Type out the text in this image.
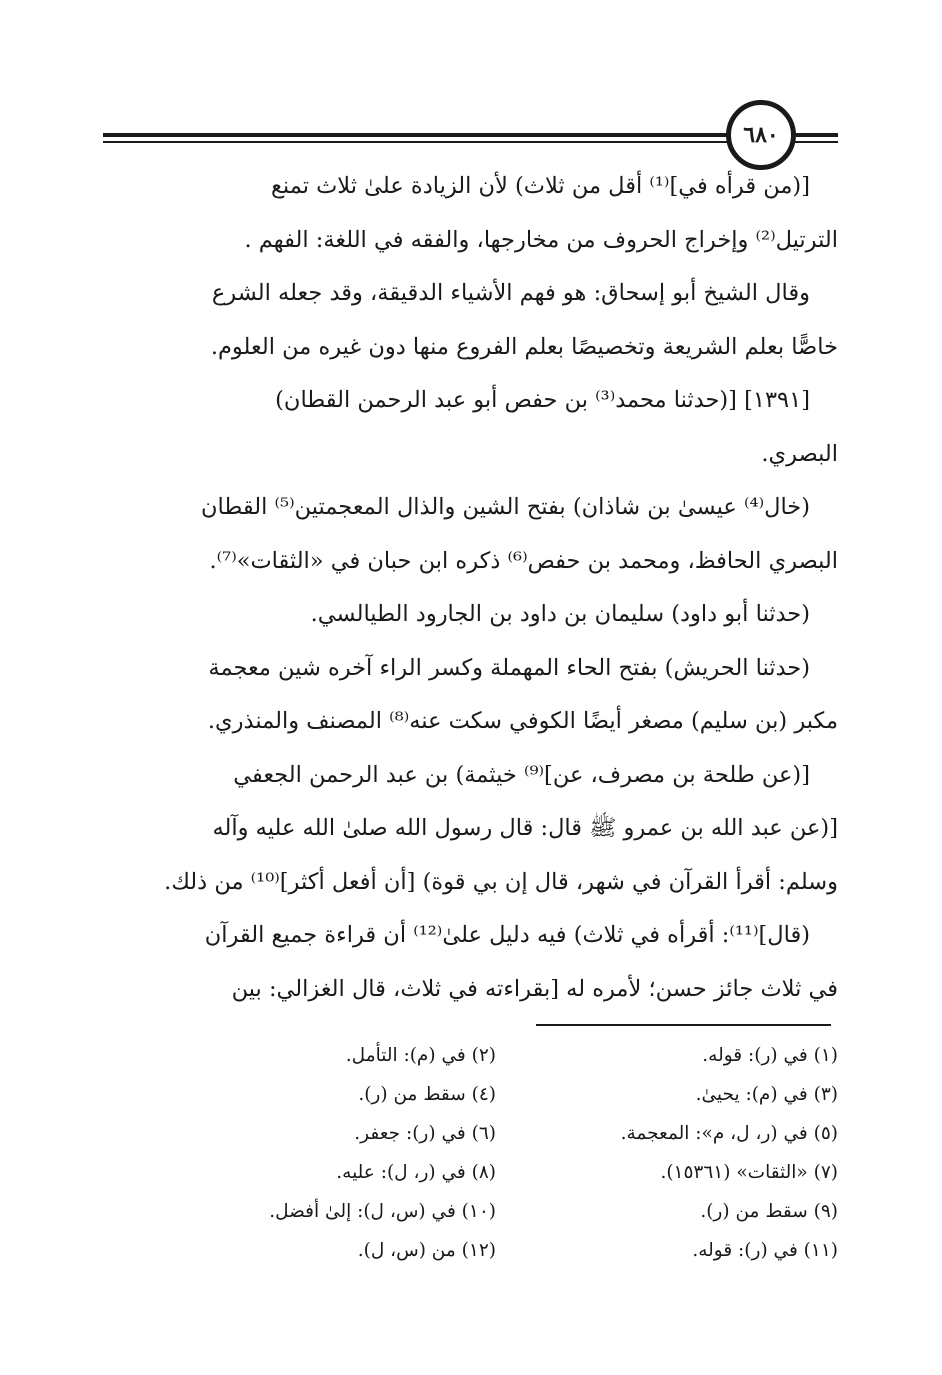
٦٨٠
[(من قرأه في]⁽¹⁾ أقل من ثلاث) لأن الزيادة علىٰ ثلاث تمنع
الترتيل⁽²⁾ وإخراج الحروف من مخارجها، والفقه في اللغة: الفهم .
وقال الشيخ أبو إسحاق: هو فهم الأشياء الدقيقة، وقد جعله الشرع
خاصًّا بعلم الشريعة وتخصيصًا بعلم الفروع منها دون غيره من العلوم.
[١٣٩١] [(حدثنا محمد⁽³⁾ بن حفص أبو عبد الرحمن القطان)
البصري.
(خال⁽⁴⁾ عيسىٰ بن شاذان) بفتح الشين والذال المعجمتين⁽⁵⁾ القطان
البصري الحافظ، ومحمد بن حفص⁽⁶⁾ ذكره ابن حبان في «الثقات»⁽⁷⁾.
(حدثنا أبو داود) سليمان بن داود بن الجارود الطيالسي.
(حدثنا الحريش) بفتح الحاء المهملة وكسر الراء آخره شين معجمة
مكبر (بن سليم) مصغر أيضًا الكوفي سكت عنه⁽⁸⁾ المصنف والمنذري.
[(عن طلحة بن مصرف، عن]⁽⁹⁾ خيثمة) بن عبد الرحمن الجعفي
[(عن عبد الله بن عمرو ﷺ قال: قال رسول الله صلىٰ الله عليه وآله
وسلم: أقرأ القرآن في شهر، قال إن بي قوة) [أن أفعل أكثر]⁽¹⁰⁾ من ذلك.
(قال]⁽¹¹⁾: أقرأه في ثلاث) فيه دليل علىٰ⁽¹²⁾ أن قراءة جميع القرآن
في ثلاث جائز حسن؛ لأمره له [بقراءته في ثلاث، قال الغزالي: بين
(١) في (ر): قوله.
(٢) في (م): التأمل.
(٣) في (م): يحيىٰ.
(٤) سقط من (ر).
(٥) في (ر، ل، م»: المعجمة.
(٦) في (ر): جعفر.
(٧) «الثقات» (١٥٣٦١).
(٨) في (ر، ل): عليه.
(٩) سقط من (ر).
(١٠) في (س، ل): إلىٰ أفضل.
(١١) في (ر): قوله.
(١٢) من (س، ل).
